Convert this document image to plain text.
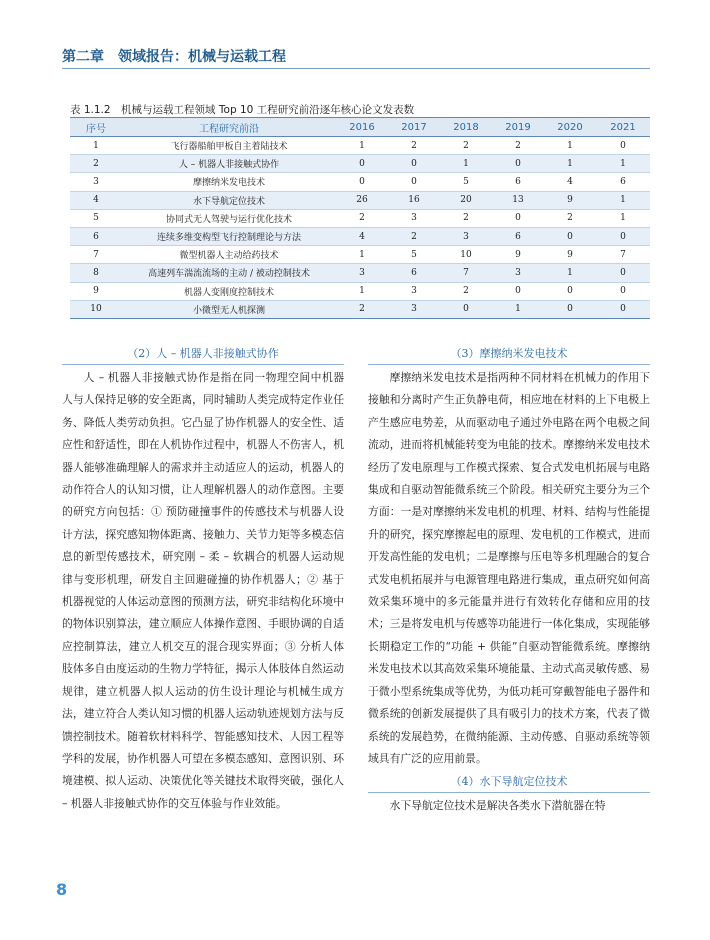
第二章　领域报告：机械与运载工程
表 1.1.2　机械与运载工程领域 Top 10 工程研究前沿逐年核心论文发表数
序号	工程研究前沿	2016	2017	2018	2019	2020	2021
1	飞行器船舶甲板自主着陆技术	1	2	2	2	1	0
2	人 – 机器人非接触式协作	0	0	1	0	1	1
3	摩擦纳米发电技术	0	0	5	6	4	6
4	水下导航定位技术	26	16	20	13	9	1
5	协同式无人驾驶与运行优化技术	2	3	2	0	2	1
6	连续多维变构型飞行控制理论与方法	4	2	3	6	0	0
7	微型机器人主动给药技术	1	5	10	9	9	7
8	高速列车湍流流场的主动 / 被动控制技术	3	6	7	3	1	0
9	机器人变刚度控制技术	1	3	2	0	0	0
10	小微型无人机探测	2	3	0	1	0	0
（2）人 – 机器人非接触式协作

人 – 机器人非接触式协作是指在同一物理空间中机器人与人保持足够的安全距离，同时辅助人类完成特定作业任务、降低人类劳动负担。它凸显了协作机器人的安全性、适应性和舒适性，即在人机协作过程中，机器人不伤害人，机器人能够准确理解人的需求并主动适应人的运动，机器人的动作符合人的认知习惯，让人理解机器人的动作意图。主要的研究方向包括：① 预防碰撞事件的传感技术与机器人设计方法，探究感知物体距离、接触力、关节力矩等多模态信息的新型传感技术，研究刚 – 柔 – 软耦合的机器人运动规律与变形机理，研发自主回避碰撞的协作机器人；② 基于机器视觉的人体运动意图的预测方法，研究非结构化环境中的物体识别算法，建立顺应人体操作意图、手眼协调的自适应控制算法，建立人机交互的混合现实界面；③ 分析人体肢体多自由度运动的生物力学特征，揭示人体肢体自然运动规律，建立机器人拟人运动的仿生设计理论与机械生成方法，建立符合人类认知习惯的机器人运动轨迹规划方法与反馈控制技术。随着软材料科学、智能感知技术、人因工程等学科的发展，协作机器人可望在多模态感知、意图识别、环境建模、拟人运动、决策优化等关键技术取得突破，强化人 – 机器人非接触式协作的交互体验与作业效能。

（3）摩擦纳米发电技术

摩擦纳米发电技术是指两种不同材料在机械力的作用下接触和分离时产生正负静电荷，相应地在材料的上下电极上产生感应电势差，从而驱动电子通过外电路在两个电极之间流动，进而将机械能转变为电能的技术。摩擦纳米发电技术经历了发电原理与工作模式探索、复合式发电机拓展与电路集成和自驱动智能微系统三个阶段。相关研究主要分为三个方面：一是对摩擦纳米发电机的机理、材料、结构与性能提升的研究，探究摩擦起电的原理、发电机的工作模式，进而开发高性能的发电机；二是摩擦与压电等多机理融合的复合式发电机拓展并与电源管理电路进行集成，重点研究如何高效采集环境中的多元能量并进行有效转化存储和应用的技术；三是将发电机与传感等功能进行一体化集成，实现能够长期稳定工作的“功能 + 供能”自驱动智能微系统。摩擦纳米发电技术以其高效采集环境能量、主动式高灵敏传感、易于微小型系统集成等优势，为低功耗可穿戴智能电子器件和微系统的创新发展提供了具有吸引力的技术方案，代表了微系统的发展趋势，在微纳能源、主动传感、自驱动系统等领域具有广泛的应用前景。

（4）水下导航定位技术

水下导航定位技术是解决各类水下潜航器在特

8
